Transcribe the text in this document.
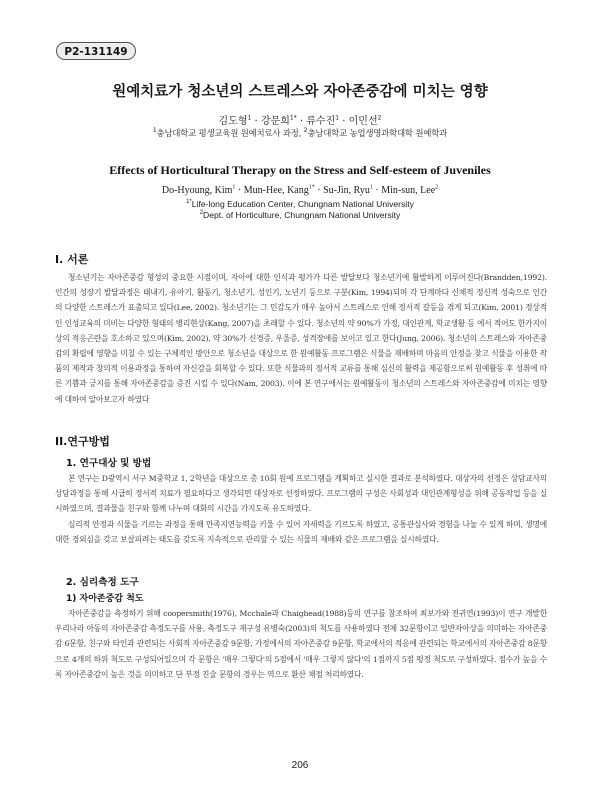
P2-131149
원예치료가 청소년의 스트레스와 자아존중감에 미치는 영향
김도형$^1$ · 강문희$^{1*}$ · 류수진$^1$ · 이민선$^2$
$^1$충남대학교 평생교육원 원예치료사 과정, $^2$충남대학교 농업생명과학대학 원예학과
Effects of Horticultural Therapy on the Stress and Self-esteem of Juveniles
Do-Hyoung, Kim$^1$ · Mun-Hee, Kang$^{1*}$ · Su-Jin, Ryu$^1$ · Min-sun, Lee$^2$
$^{1*}$Life-long Education Center, Chungnam National University
$^2$Dept. of Horticulture, Chungnam National University
I. 서론
청소년기는 자아존중감 형성의 중요한 시점이며, 자아에 대한 인식과 평가가 다른 발달보다 청소년기에 활발하게 이루어진다(Brandden,1992). 인간의 성장기 발달과정은 태내기, 유아기, 활동기, 청소년기, 성인기, 노년기 등으로 구분(Kim, 1994)되며 각 단계마다 신체적 정신적 성숙으로 인간의 다양한 스트레스가 표출되고 있다(Lee, 2002). 청소년기는 그 민감도가 매우 높아서 스트레스로 인해 정서적 갈등을 겪게 되고(Kim, 2001) 정상적인 인성교육의 미비는 다양한 형태의 병리현상(Kang, 2007)을 초래할 수 있다. 청소년의 약 90%가 가정, 대인관계, 학교생활 등 에서 적어도 한가지이상의 적응곤란을 호소하고 있으며(Kim, 2002), 약 30%가 신경증, 우울증, 성격장애를 보이고 있고 한다(Jung, 2006). 청소년의 스트레스와 자아존중감의 확립에 영향을 미칠 수 있는 구체적인 방안으로 청소년을 대상으로 한 원예활동 프로그램은 식물을 재배하며 마음의 안정을 찾고 식물을 이용한 작품의 제작과 창의적 이용과정을 통하여 자신감을 회복할 수 있다. 또한 식물과의 정서적 교류를 통해 심신의 활력을 제공함으로써 원예활동 후 성취에 따른 기쁨과 긍지를 통해 자아존중감을 증진 시킬 수 있다(Nam, 2003). 이에 본 연구에서는 원예활동이 청소년의 스트레스와 자아존중감에 미치는 영향에 대하여 알아보고자 하였다
II.연구방법
1. 연구대상 및 방법
본 연구는 D광역시 서구 M중학교 1, 2학년을 대상으로 총 10회 원예 프로그램을 계획하고 실시한 결과로 분석하였다. 대상자의 선정은 상담교사의 상담과정을 통해 시급히 정서적 치료가 필요하다고 생각되면 대상자로 선정하였다. 프로그램의 구성은 사회성과 대인관계형성을 위해 공동작업 등을 실시하였으며, 결과물을 친구와 함께 나누며 대화의 시간을 가지도록 유도하였다.
심리적 안정과 식물을 기르는 과정을 통해 만족지연능력을 키울 수 있어 자세력을 기르도록 하였고, 공통관심사와 경험을 나눌 수 있게 하며, 생명에 대한 경외심을 갖고 보살피려는 태도를 갖도록 지속적으로 관리할 수 있는 식물의 재배와 같은 프로그램을 실시하였다.
2. 심리측정 도구
1) 자아존중감 척도
자아존중감을 측정하기 위해 coopersmith(1976), Mcchale과 Chaighead(1988)등의 연구를 참조하여 최보가와 전귀연(1993)이 연구 개발한 우리나라 아동의 자아존중감 측정도구를 사용, 측정도구 재구성 유병숙(2003)의 척도를 사용하였다 전체 32문항이고 일반자아상을 의미하는 자아존중감 6문항, 친구와 타인과 관련되는 사회적 자아존중감 9문항, 가정에서의 자아존중감 9문항, 학교에서의 적응에 관련되는 학교에서의 자아존중감 8문항으로 4개의 하위 척도로 구성되어있으며 각 문항은 '매우 그렇다'의 5점에서 '매우 그렇지 않다'의 1점까지 5점 평정 척도로 구성하였다. 점수가 높을 수록 자아존중감이 높은 것을 의미하고 단 부정 진술 문항의 경우는 역으로 환산 채점 처리하였다.
206
